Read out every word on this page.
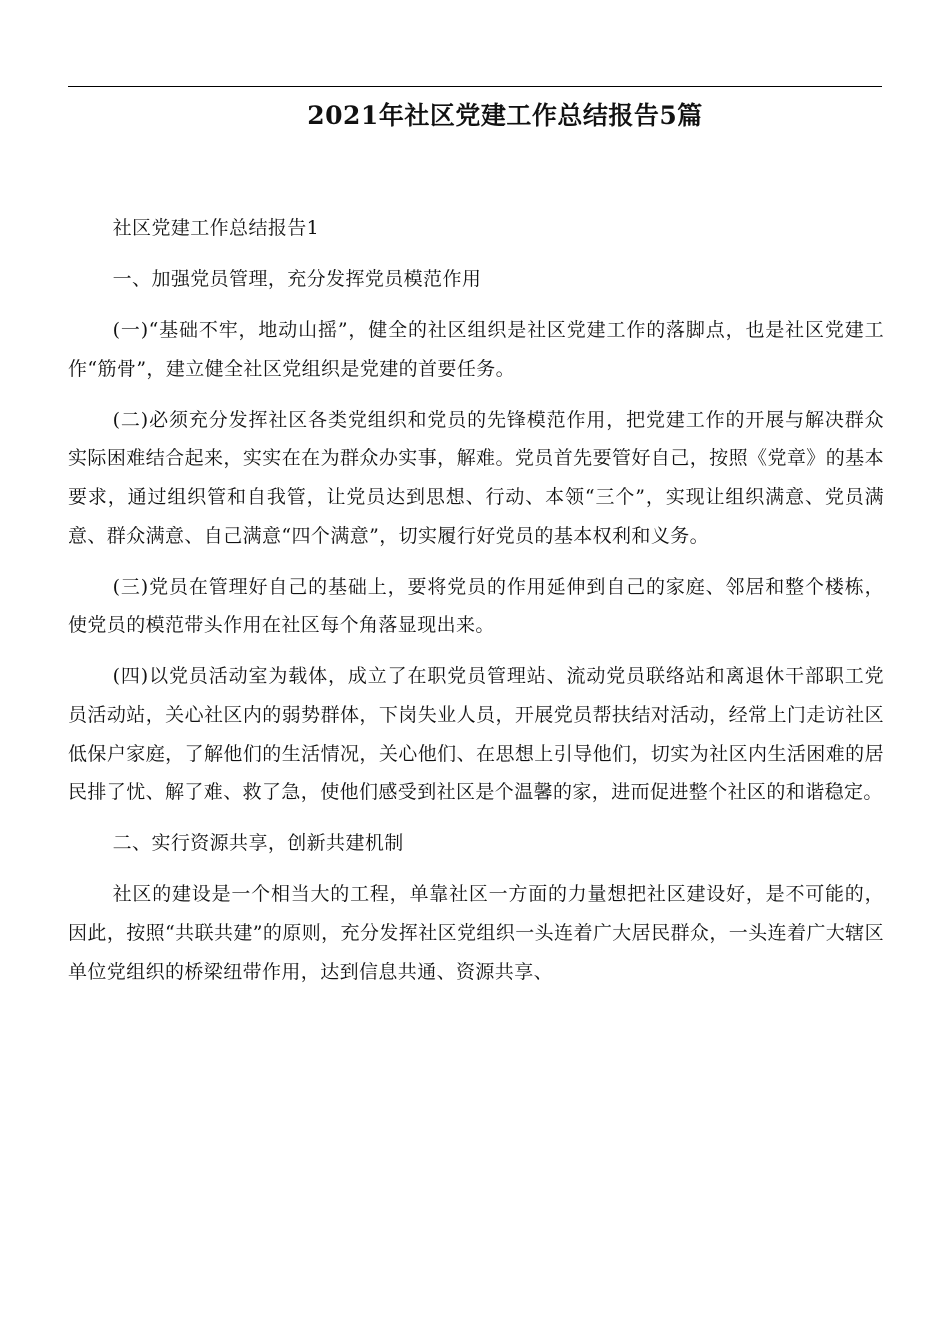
2021年社区党建工作总结报告5篇

社区党建工作总结报告1

一、加强党员管理，充分发挥党员模范作用

(一)“基础不牢，地动山摇”，健全的社区组织是社区党建工作的落脚点，也是社区党建工作“筋骨”，建立健全社区党组织是党建的首要任务。

(二)必须充分发挥社区各类党组织和党员的先锋模范作用，把党建工作的开展与解决群众实际困难结合起来，实实在在为群众办实事，解难。党员首先要管好自己，按照《党章》的基本要求，通过组织管和自我管，让党员达到思想、行动、本领“三个”，实现让组织满意、党员满意、群众满意、自己满意“四个满意”，切实履行好党员的基本权利和义务。

(三)党员在管理好自己的基础上，要将党员的作用延伸到自己的家庭、邻居和整个楼栋，使党员的模范带头作用在社区每个角落显现出来。

(四)以党员活动室为载体，成立了在职党员管理站、流动党员联络站和离退休干部职工党员活动站，关心社区内的弱势群体，下岗失业人员，开展党员帮扶结对活动，经常上门走访社区低保户家庭，了解他们的生活情况，关心他们、在思想上引导他们，切实为社区内生活困难的居民排了忧、解了难、救了急，使他们感受到社区是个温馨的家，进而促进整个社区的和谐稳定。

二、实行资源共享，创新共建机制

社区的建设是一个相当大的工程，单靠社区一方面的力量想把社区建设好，是不可能的，因此，按照“共联共建”的原则，充分发挥社区党组织一头连着广大居民群众，一头连着广大辖区单位党组织的桥梁纽带作用，达到信息共通、资源共享、
